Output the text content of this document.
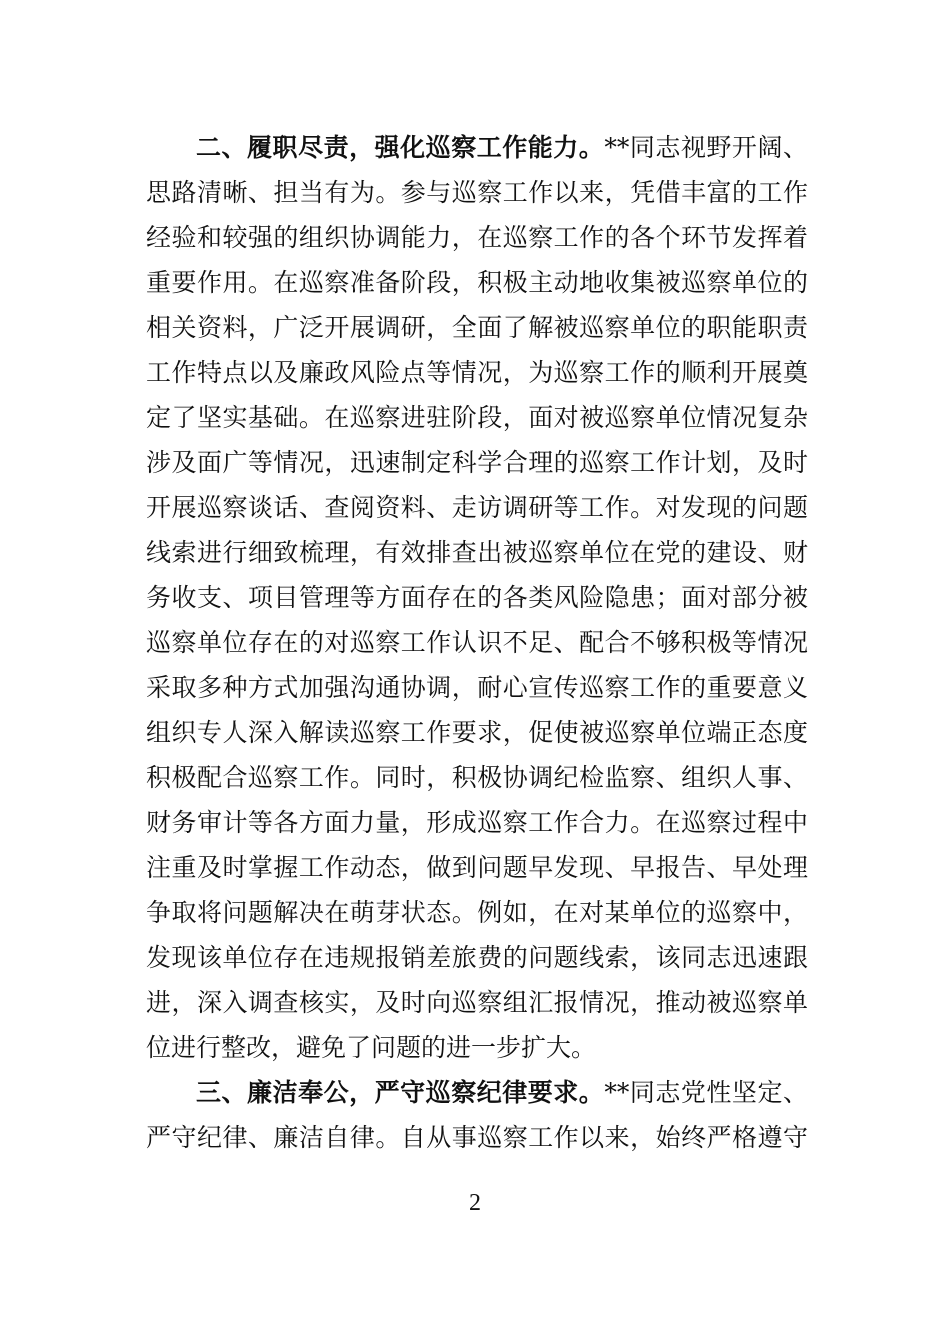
二、履职尽责，强化巡察工作能力。**同志视野开阔、
思路清晰、担当有为。参与巡察工作以来，凭借丰富的工作
经验和较强的组织协调能力，在巡察工作的各个环节发挥着
重要作用。在巡察准备阶段，积极主动地收集被巡察单位的
相关资料，广泛开展调研，全面了解被巡察单位的职能职责
工作特点以及廉政风险点等情况，为巡察工作的顺利开展奠
定了坚实基础。在巡察进驻阶段，面对被巡察单位情况复杂
涉及面广等情况，迅速制定科学合理的巡察工作计划，及时
开展巡察谈话、查阅资料、走访调研等工作。对发现的问题
线索进行细致梳理，有效排查出被巡察单位在党的建设、财
务收支、项目管理等方面存在的各类风险隐患；面对部分被
巡察单位存在的对巡察工作认识不足、配合不够积极等情况
采取多种方式加强沟通协调，耐心宣传巡察工作的重要意义
组织专人深入解读巡察工作要求，促使被巡察单位端正态度
积极配合巡察工作。同时，积极协调纪检监察、组织人事、
财务审计等各方面力量，形成巡察工作合力。在巡察过程中
注重及时掌握工作动态，做到问题早发现、早报告、早处理
争取将问题解决在萌芽状态。例如，在对某单位的巡察中，
发现该单位存在违规报销差旅费的问题线索，该同志迅速跟
进，深入调查核实，及时向巡察组汇报情况，推动被巡察单
位进行整改，避免了问题的进一步扩大。
三、廉洁奉公，严守巡察纪律要求。**同志党性坚定、
严守纪律、廉洁自律。自从事巡察工作以来，始终严格遵守
2
